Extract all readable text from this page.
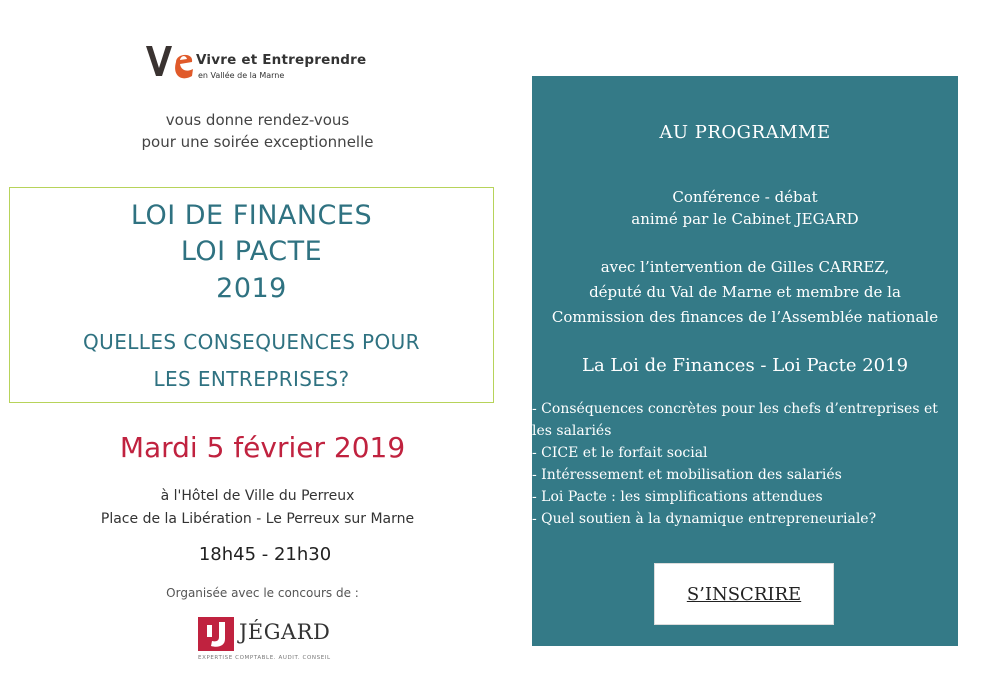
Vivre et Entreprendre
en Vallée de la Marne
vous donne rendez-vous
pour une soirée exceptionnelle
LOI DE FINANCES
LOI PACTE
2019
QUELLES CONSEQUENCES POUR
LES ENTREPRISES?
Mardi 5 février 2019
à l'Hôtel de Ville du Perreux
Place de la Libération - Le Perreux sur Marne
18h45 - 21h30
Organisée avec le concours de :
JÉGARD
EXPERTISE COMPTABLE. AUDIT. CONSEIL
AU PROGRAMME
Conférence - débat
animé par le Cabinet JEGARD
avec l’intervention de Gilles CARREZ,
député du Val de Marne et membre de la
Commission des finances de l’Assemblée nationale
La Loi de Finances - Loi Pacte 2019
- Conséquences concrètes pour les chefs d’entreprises et les salariés
- CICE et le forfait social
- Intéressement et mobilisation des salariés
- Loi Pacte : les simplifications attendues
- Quel soutien à la dynamique entrepreneuriale?
S’INSCRIRE
